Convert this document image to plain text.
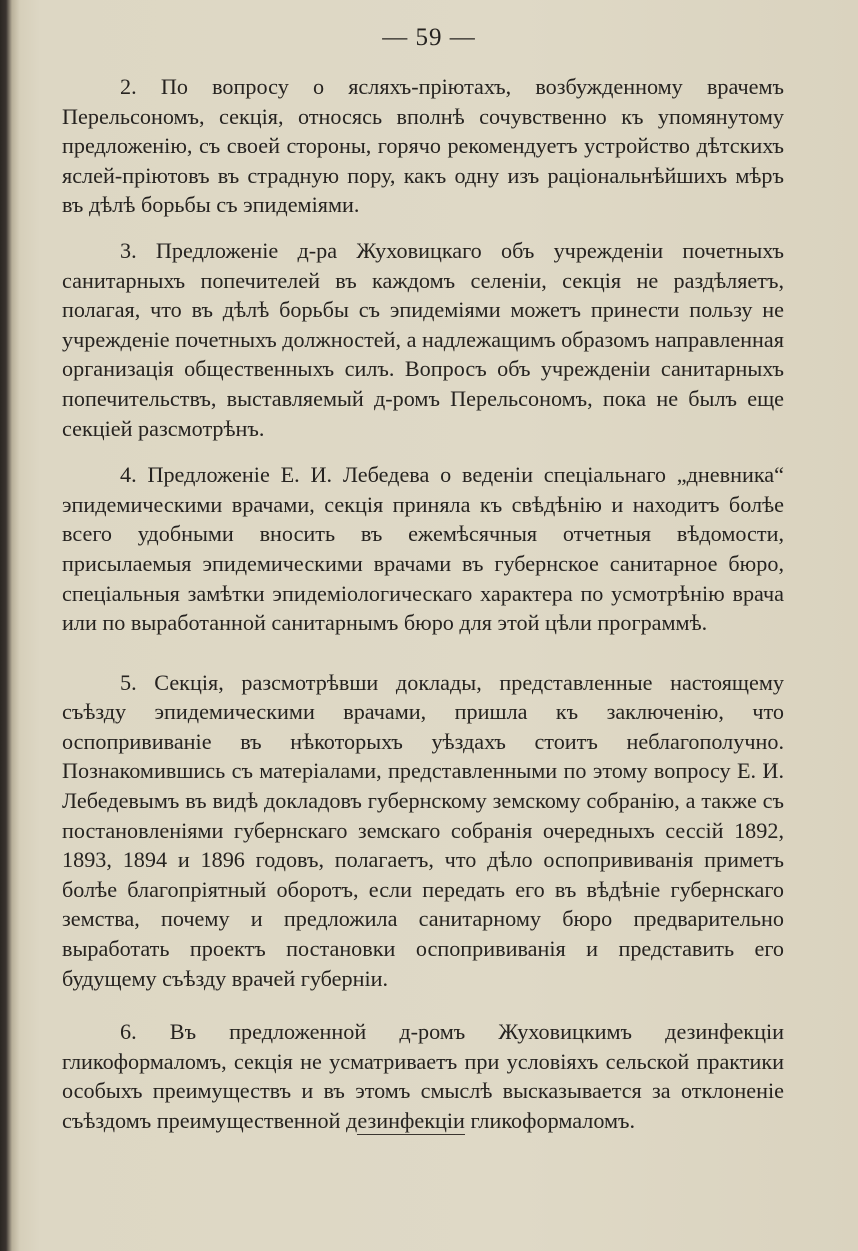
— 59 —

2. По вопросу о ясляхъ-пріютахъ, возбужденному врачемъ Перельсономъ, секція, относясь вполнѣ сочувственно къ упомянутому предложенію, съ своей стороны, горячо рекомендуетъ устройство дѣтскихъ яслей-пріютовъ въ страдную пору, какъ одну изъ раціональнѣйшихъ мѣръ въ дѣлѣ борьбы съ эпидеміями.

3. Предложеніе д-ра Жуховицкаго объ учрежденіи почетныхъ санитарныхъ попечителей въ каждомъ селеніи, секція не раздѣляетъ, полагая, что въ дѣлѣ борьбы съ эпидеміями можетъ принести пользу не учрежденіе почетныхъ должностей, а надлежащимъ образомъ направленная организація общественныхъ силъ. Вопросъ объ учрежденіи санитарныхъ попечительствъ, выставляемый д-ромъ Перельсономъ, пока не былъ еще секціей разсмотрѣнъ.

4. Предложеніе Е. И. Лебедева о веденіи спеціальнаго „дневника“ эпидемическими врачами, секція приняла къ свѣдѣнію и находитъ болѣе всего удобными вносить въ ежемѣсячныя отчетныя вѣдомости, присылаемыя эпидемическими врачами въ губернское санитарное бюро, спеціальныя замѣтки эпидеміологическаго характера по усмотрѣнію врача или по выработанной санитарнымъ бюро для этой цѣли программѣ.

5. Секція, разсмотрѣвши доклады, представленные настоящему съѣзду эпидемическими врачами, пришла къ заключенію, что оспопрививаніе въ нѣкоторыхъ уѣздахъ стоитъ неблагополучно. Познакомившись съ матеріалами, представленными по этому вопросу Е. И. Лебедевымъ въ видѣ докладовъ губернскому земскому собранію, а также съ постановленіями губернскаго земскаго собранія очередныхъ сессій 1892, 1893, 1894 и 1896 годовъ, полагаетъ, что дѣло оспопрививанія приметъ болѣе благопріятный оборотъ, если передать его въ вѣдѣніе губернскаго земства, почему и предложила санитарному бюро предварительно выработать проектъ постановки оспопрививанія и представить его будущему съѣзду врачей губерніи.

6. Въ предложенной д-ромъ Жуховицкимъ дезинфекціи гликоформаломъ, секція не усматриваетъ при условіяхъ сельской практики особыхъ преимуществъ и въ этомъ смыслѣ высказывается за отклоненіе съѣздомъ преимущественной дезинфекціи гликоформаломъ.
